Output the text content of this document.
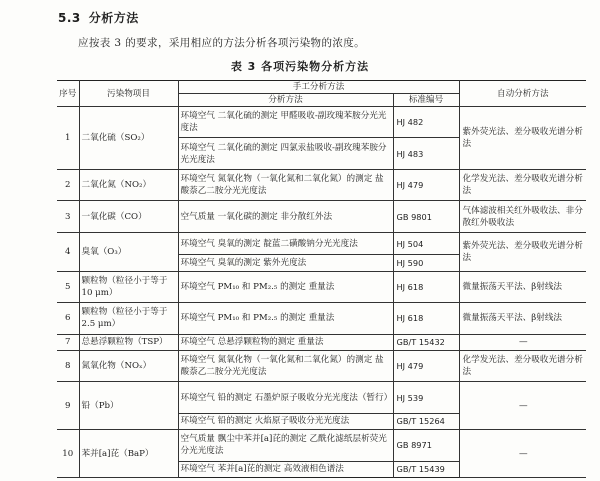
5.3 分析方法
应按表 3 的要求，采用相应的方法分析各项污染物的浓度。
表 3 各项污染物分析方法
序号	污染物项目	手工分析方法		自动分析方法
		分析方法	标准编号	
1	二氧化硫（SO₂）	环境空气 二氧化硫的测定 甲醛吸收-副玫瑰苯胺分光光度法	HJ 482	紫外荧光法、差分吸收光谱分析法
		环境空气 二氧化硫的测定 四氯汞盐吸收-副玫瑰苯胺分光光度法	HJ 483	
2	二氧化氮（NO₂）	环境空气 氮氧化物（一氧化氮和二氧化氮）的测定 盐酸萘乙二胺分光光度法	HJ 479	化学发光法、差分吸收光谱分析法
3	一氧化碳（CO）	空气质量 一氧化碳的测定 非分散红外法	GB 9801	气体滤波相关红外吸收法、非分散红外吸收法
4	臭氧（O₃）	环境空气 臭氧的测定 靛蓝二磺酸钠分光光度法	HJ 504	紫外荧光法、差分吸收光谱分析法
		环境空气 臭氧的测定 紫外光度法	HJ 590	
5	颗粒物（粒径小于等于10 μm）	环境空气 PM₁₀ 和 PM₂.₅ 的测定 重量法	HJ 618	微量振荡天平法、β射线法
6	颗粒物（粒径小于等于2.5 μm）	环境空气 PM₁₀ 和 PM₂.₅ 的测定 重量法	HJ 618	微量振荡天平法、β射线法
7	总悬浮颗粒物（TSP）	环境空气 总悬浮颗粒物的测定 重量法	GB/T 15432	—
8	氮氧化物（NOₓ）	环境空气 氮氧化物（一氧化氮和二氧化氮）的测定 盐酸萘乙二胺分光光度法	HJ 479	化学发光法、差分吸收光谱分析法
9	铅（Pb）	环境空气 铅的测定 石墨炉原子吸收分光光度法（暂行）	HJ 539	—
		环境空气 铅的测定 火焰原子吸收分光光度法	GB/T 15264	
10	苯并[a]芘（BaP）	空气质量 飘尘中苯并[a]芘的测定 乙酰化滤纸层析荧光分光光度法	GB 8971	—
		环境空气 苯并[a]芘的测定 高效液相色谱法	GB/T 15439	
